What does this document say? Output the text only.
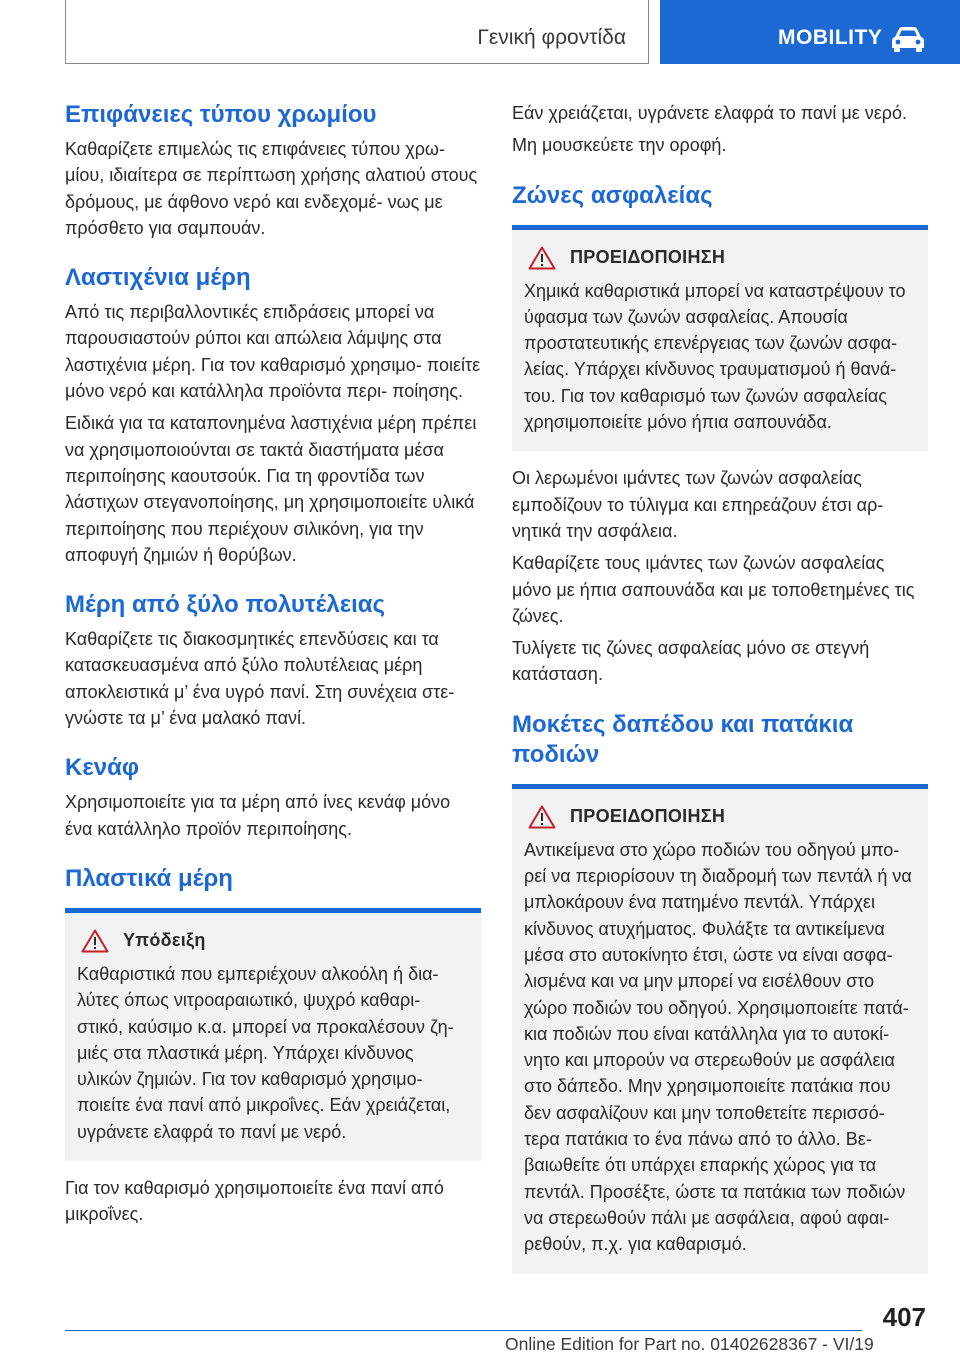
Γενική φροντίδα	MOBILITY
Επιφάνειες τύπου χρωμίου

Καθαρίζετε επιμελώς τις επιφάνειες τύπου χρω‐ μίου, ιδιαίτερα σε περίπτωση χρήσης αλατιού στους δρόμους, με άφθονο νερό και ενδεχομέ‐ νως με πρόσθετο για σαμπουάν.

Λαστιχένια μέρη

Από τις περιβαλλοντικές επιδράσεις μπορεί να παρουσιαστούν ρύποι και απώλεια λάμψης στα λαστιχένια μέρη. Για τον καθαρισμό χρησιμο‐ ποιείτε μόνο νερό και κατάλληλα προϊόντα περι‐ ποίησης.

Ειδικά για τα καταπονημένα λαστιχένια μέρη πρέπει να χρησιμοποιούνται σε τακτά διαστήματα μέσα περιποίησης καουτσούκ. Για τη φροντίδα των λάστιχων στεγανοποίησης, μη χρησιμοποιείτε υλικά περιποίησης που περιέχουν σιλικόνη, για την αποφυγή ζημιών ή θορύβων.

Μέρη από ξύλο πολυτέλειας

Καθαρίζετε τις διακοσμητικές επενδύσεις και τα κατασκευασμένα από ξύλο πολυτέλειας μέρη αποκλειστικά μ’ ένα υγρό πανί. Στη συνέχεια στε‐ γνώστε τα μ’ ένα μαλακό πανί.

Κενάφ

Χρησιμοποιείτε για τα μέρη από ίνες κενάφ μόνο ένα κατάλληλο προϊόν περιποίησης.

Πλαστικά μέρη
Υπόδειξη

Καθαριστικά που εμπεριέχουν αλκοόλη ή δια‐ λύτες όπως νιτροαραιωτικό, ψυχρό καθαρι‐ στικό, καύσιμο κ.α. μπορεί να προκαλέσουν ζη‐ μιές στα πλαστικά μέρη. Υπάρχει κίνδυνος υλικών ζημιών. Για τον καθαρισμό χρησιμο‐ ποιείτε ένα πανί από μικροΐνες. Εάν χρειάζεται, υγράνετε ελαφρά το πανί με νερό.

Για τον καθαρισμό χρησιμοποιείτε ένα πανί από μικροΐνες.

Εάν χρειάζεται, υγράνετε ελαφρά το πανί με νερό.

Μη μουσκεύετε την οροφή.

Ζώνες ασφαλείας
ΠΡΟΕΙΔΟΠΟΙΗΣΗ

Χημικά καθαριστικά μπορεί να καταστρέψουν το ύφασμα των ζωνών ασφαλείας. Απουσία προστατευτικής επενέργειας των ζωνών ασφα‐ λείας. Υπάρχει κίνδυνος τραυματισμού ή θανά‐ του. Για τον καθαρισμό των ζωνών ασφαλείας χρησιμοποιείτε μόνο ήπια σαπουνάδα.

Οι λερωμένοι ιμάντες των ζωνών ασφαλείας εμποδίζουν το τύλιγμα και επηρεάζουν έτσι αρ‐ νητικά την ασφάλεια.

Καθαρίζετε τους ιμάντες των ζωνών ασφαλείας μόνο με ήπια σαπουνάδα και με τοποθετημένες τις ζώνες.

Τυλίγετε τις ζώνες ασφαλείας μόνο σε στεγνή κατάσταση.

Μοκέτες δαπέδου και πατάκια ποδιών
ΠΡΟΕΙΔΟΠΟΙΗΣΗ

Αντικείμενα στο χώρο ποδιών του οδηγού μπο‐ ρεί να περιορίσουν τη διαδρομή των πεντάλ ή να μπλοκάρουν ένα πατημένο πεντάλ. Υπάρχει κίνδυνος ατυχήματος. Φυλάξτε τα αντικείμενα μέσα στο αυτοκίνητο έτσι, ώστε να είναι ασφα‐ λισμένα και να μην μπορεί να εισέλθουν στο χώρο ποδιών του οδηγού. Χρησιμοποιείτε πατά‐ κια ποδιών που είναι κατάλληλα για το αυτοκί‐ νητο και μπορούν να στερεωθούν με ασφάλεια στο δάπεδο. Μην χρησιμοποιείτε πατάκια που δεν ασφαλίζουν και μην τοποθετείτε περισσό‐ τερα πατάκια το ένα πάνω από το άλλο. Βε‐ βαιωθείτε ότι υπάρχει επαρκής χώρος για τα πεντάλ. Προσέξτε, ώστε τα πατάκια των ποδιών να στερεωθούν πάλι με ασφάλεια, αφού αφαι‐ ρεθούν, π.χ. για καθαρισμό.

407
Online Edition for Part no. 01402628367 - VI/19
